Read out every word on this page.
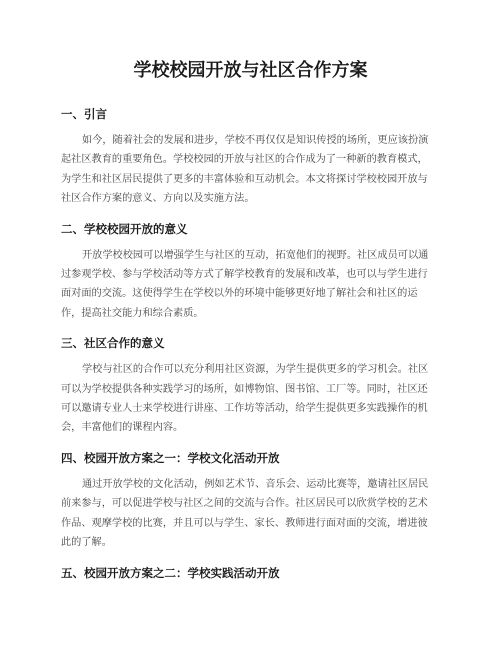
学校校园开放与社区合作方案
一、引言

如今，随着社会的发展和进步，学校不再仅仅是知识传授的场所，更应该扮演起社区教育的重要角色。学校校园的开放与社区的合作成为了一种新的教育模式，为学生和社区居民提供了更多的丰富体验和互动机会。本文将探讨学校校园开放与社区合作方案的意义、方向以及实施方法。

二、学校校园开放的意义

开放学校校园可以增强学生与社区的互动，拓宽他们的视野。社区成员可以通过参观学校、参与学校活动等方式了解学校教育的发展和改革，也可以与学生进行面对面的交流。这使得学生在学校以外的环境中能够更好地了解社会和社区的运作，提高社交能力和综合素质。

三、社区合作的意义

学校与社区的合作可以充分利用社区资源，为学生提供更多的学习机会。社区可以为学校提供各种实践学习的场所，如博物馆、图书馆、工厂等。同时，社区还可以邀请专业人士来学校进行讲座、工作坊等活动，给学生提供更多实践操作的机会，丰富他们的课程内容。

四、校园开放方案之一：学校文化活动开放

通过开放学校的文化活动，例如艺术节、音乐会、运动比赛等，邀请社区居民前来参与，可以促进学校与社区之间的交流与合作。社区居民可以欣赏学校的艺术作品、观摩学校的比赛，并且可以与学生、家长、教师进行面对面的交流，增进彼此的了解。

五、校园开放方案之二：学校实践活动开放
